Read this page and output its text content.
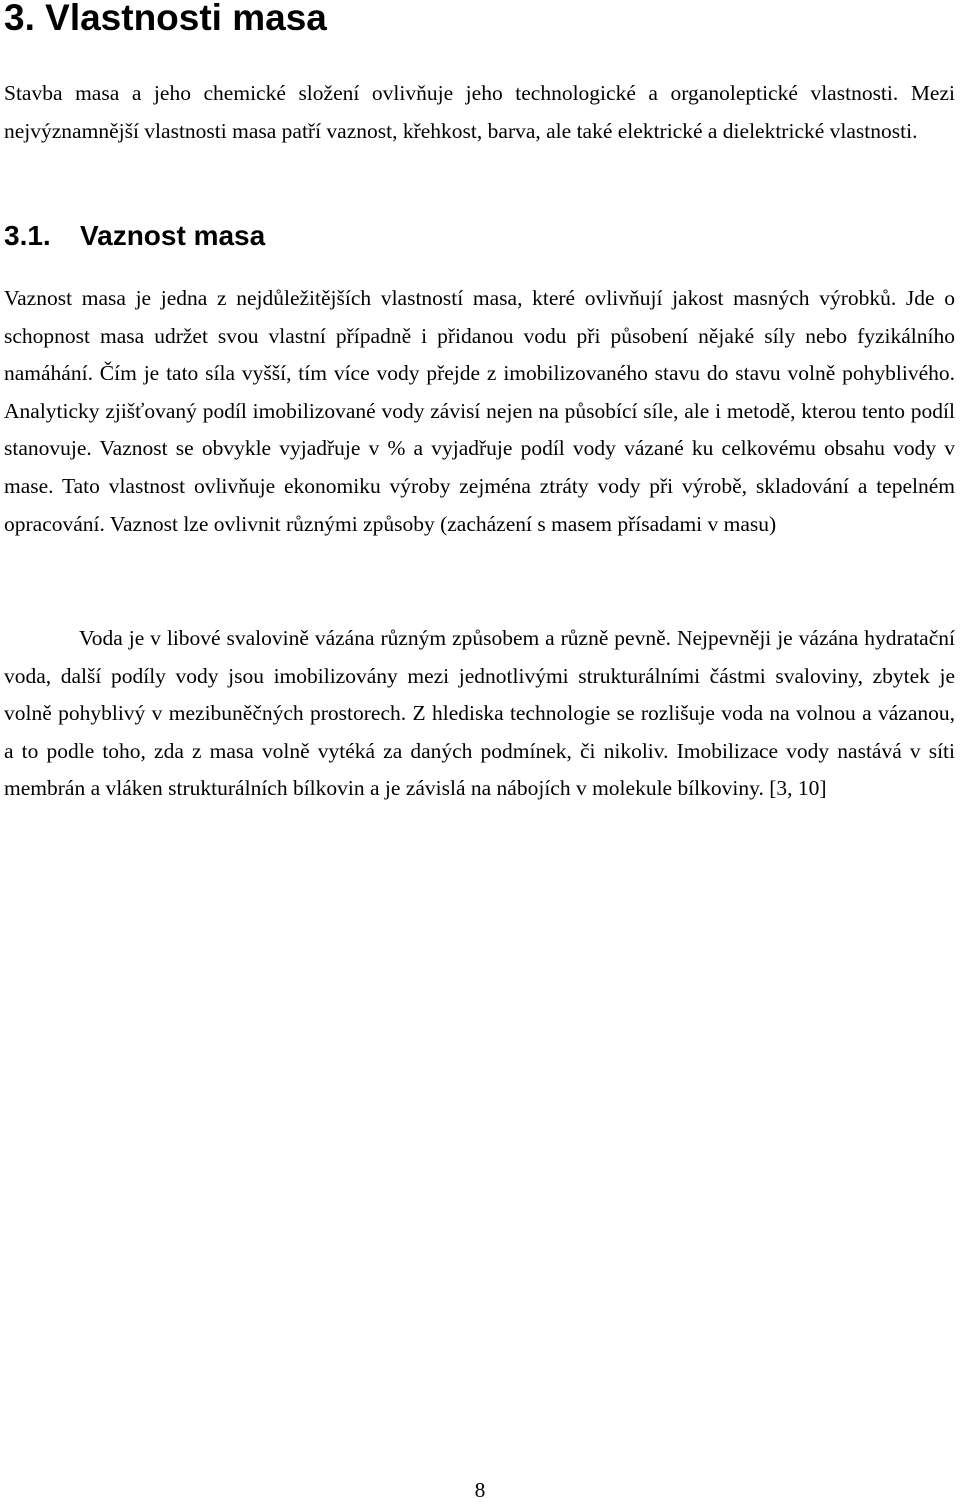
3. Vlastnosti masa

Stavba masa a jeho chemické složení ovlivňuje jeho technologické a organoleptické vlastnosti. Mezi nejvýznamnější vlastnosti masa patří vaznost, křehkost, barva, ale také elektrické a dielektrické vlastnosti.

3.1. Vaznost masa

Vaznost masa je jedna z nejdůležitějších vlastností masa, které ovlivňují jakost masných výrobků. Jde o schopnost masa udržet svou vlastní případně i přidanou vodu při působení nějaké síly nebo fyzikálního namáhání. Čím je tato síla vyšší, tím více vody přejde z imobilizovaného stavu do stavu volně pohyblivého. Analyticky zjišťovaný podíl imobilizované vody závisí nejen na působící síle, ale i metodě, kterou tento podíl stanovuje. Vaznost se obvykle vyjadřuje v % a vyjadřuje podíl vody vázané ku celkovému obsahu vody v mase. Tato vlastnost ovlivňuje ekonomiku výroby zejména ztráty vody při výrobě, skladování a tepelném opracování. Vaznost lze ovlivnit různými způsoby (zacházení s masem přísadami v masu)

Voda je v libové svalovině vázána různým způsobem a různě pevně. Nejpevněji je vázána hydratační voda, další podíly vody jsou imobilizovány mezi jednotlivými strukturálními částmi svaloviny, zbytek je volně pohyblivý v mezibuněčných prostorech. Z hlediska technologie se rozlišuje voda na volnou a vázanou, a to podle toho, zda z masa volně vytéká za daných podmínek, či nikoliv. Imobilizace vody nastává v síti membrán a vláken strukturálních bílkovin a je závislá na nábojích v molekule bílkoviny. [3, 10]

8
